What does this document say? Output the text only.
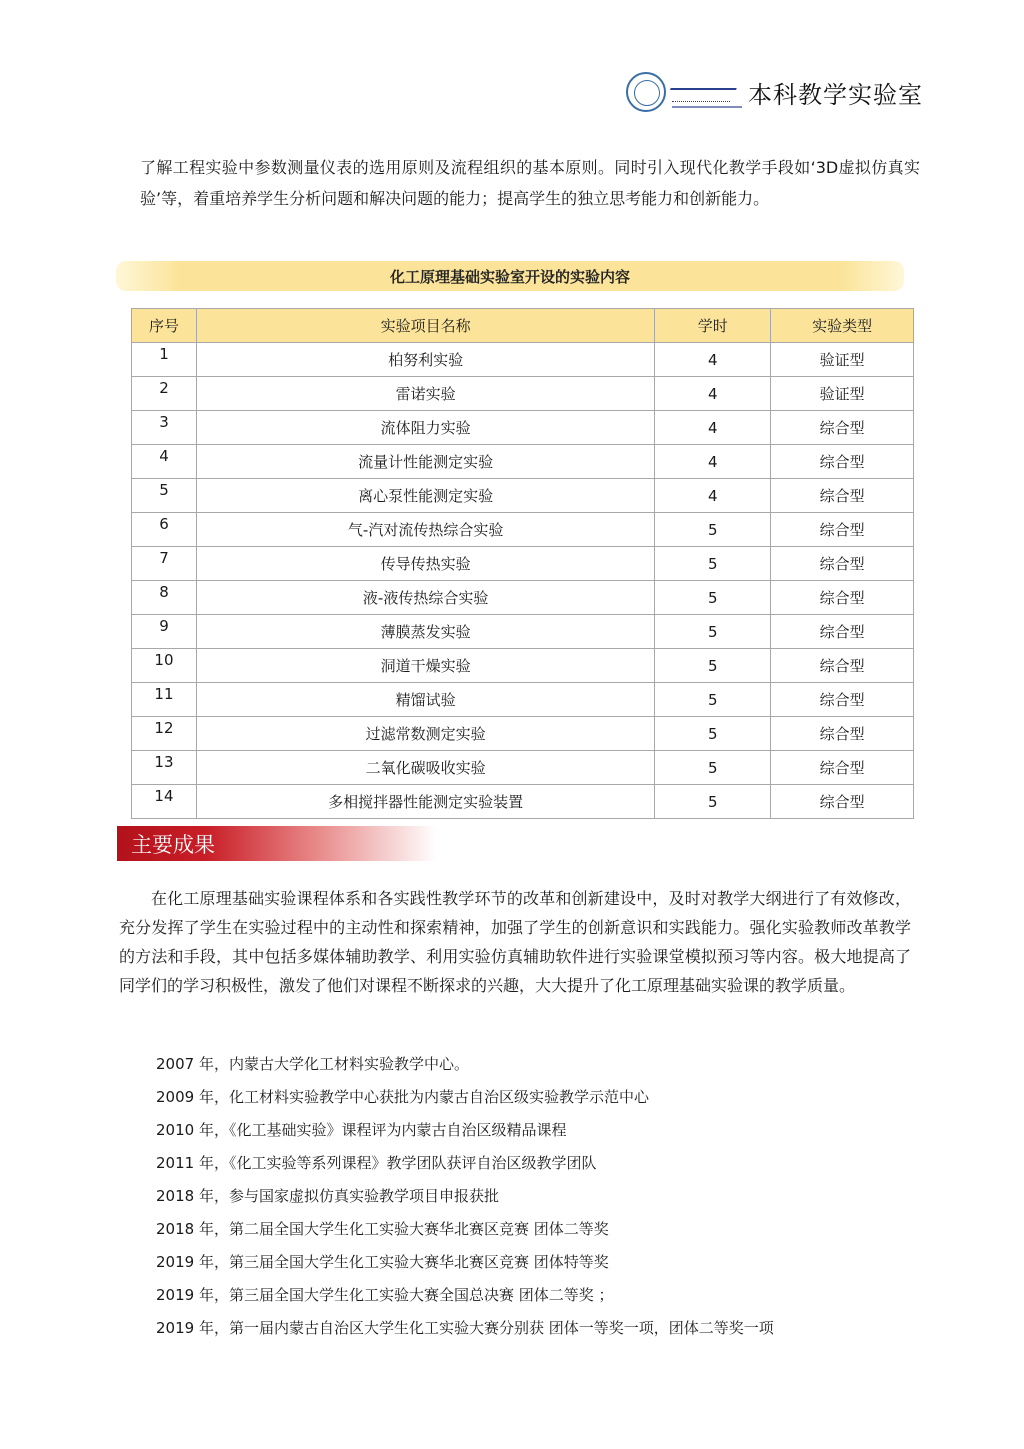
本科教学实验室

了解工程实验中参数测量仪表的选用原则及流程组织的基本原则。同时引入现代化教学手段如‘3D虚拟仿真实验’等，着重培养学生分析问题和解决问题的能力；提高学生的独立思考能力和创新能力。

化工原理基础实验室开设的实验内容
序号	实验项目名称	学时	实验类型
1	柏努利实验	4	验证型
2	雷诺实验	4	验证型
3	流体阻力实验	4	综合型
4	流量计性能测定实验	4	综合型
5	离心泵性能测定实验	4	综合型
6	气-汽对流传热综合实验	5	综合型
7	传导传热实验	5	综合型
8	液-液传热综合实验	5	综合型
9	薄膜蒸发实验	5	综合型
10	洞道干燥实验	5	综合型
11	精馏试验	5	综合型
12	过滤常数测定实验	5	综合型
13	二氧化碳吸收实验	5	综合型
14	多相搅拌器性能测定实验装置	5	综合型
主要成果

在化工原理基础实验课程体系和各实践性教学环节的改革和创新建设中，及时对教学大纲进行了有效修改，充分发挥了学生在实验过程中的主动性和探索精神，加强了学生的创新意识和实践能力。强化实验教师改革教学的方法和手段，其中包括多媒体辅助教学、利用实验仿真辅助软件进行实验课堂模拟预习等内容。极大地提高了同学们的学习积极性，激发了他们对课程不断探求的兴趣，大大提升了化工原理基础实验课的教学质量。

2007 年，内蒙古大学化工材料实验教学中心。
2009 年，化工材料实验教学中心获批为内蒙古自治区级实验教学示范中心
2010 年，《化工基础实验》课程评为内蒙古自治区级精品课程
2011 年，《化工实验等系列课程》教学团队获评自治区级教学团队
2018 年，参与国家虚拟仿真实验教学项目申报获批
2018 年，第二届全国大学生化工实验大赛华北赛区竞赛 团体二等奖
2019 年，第三届全国大学生化工实验大赛华北赛区竞赛 团体特等奖
2019 年，第三届全国大学生化工实验大赛全国总决赛 团体二等奖 ；
2019 年，第一届内蒙古自治区大学生化工实验大赛分别获 团体一等奖一项，团体二等奖一项
